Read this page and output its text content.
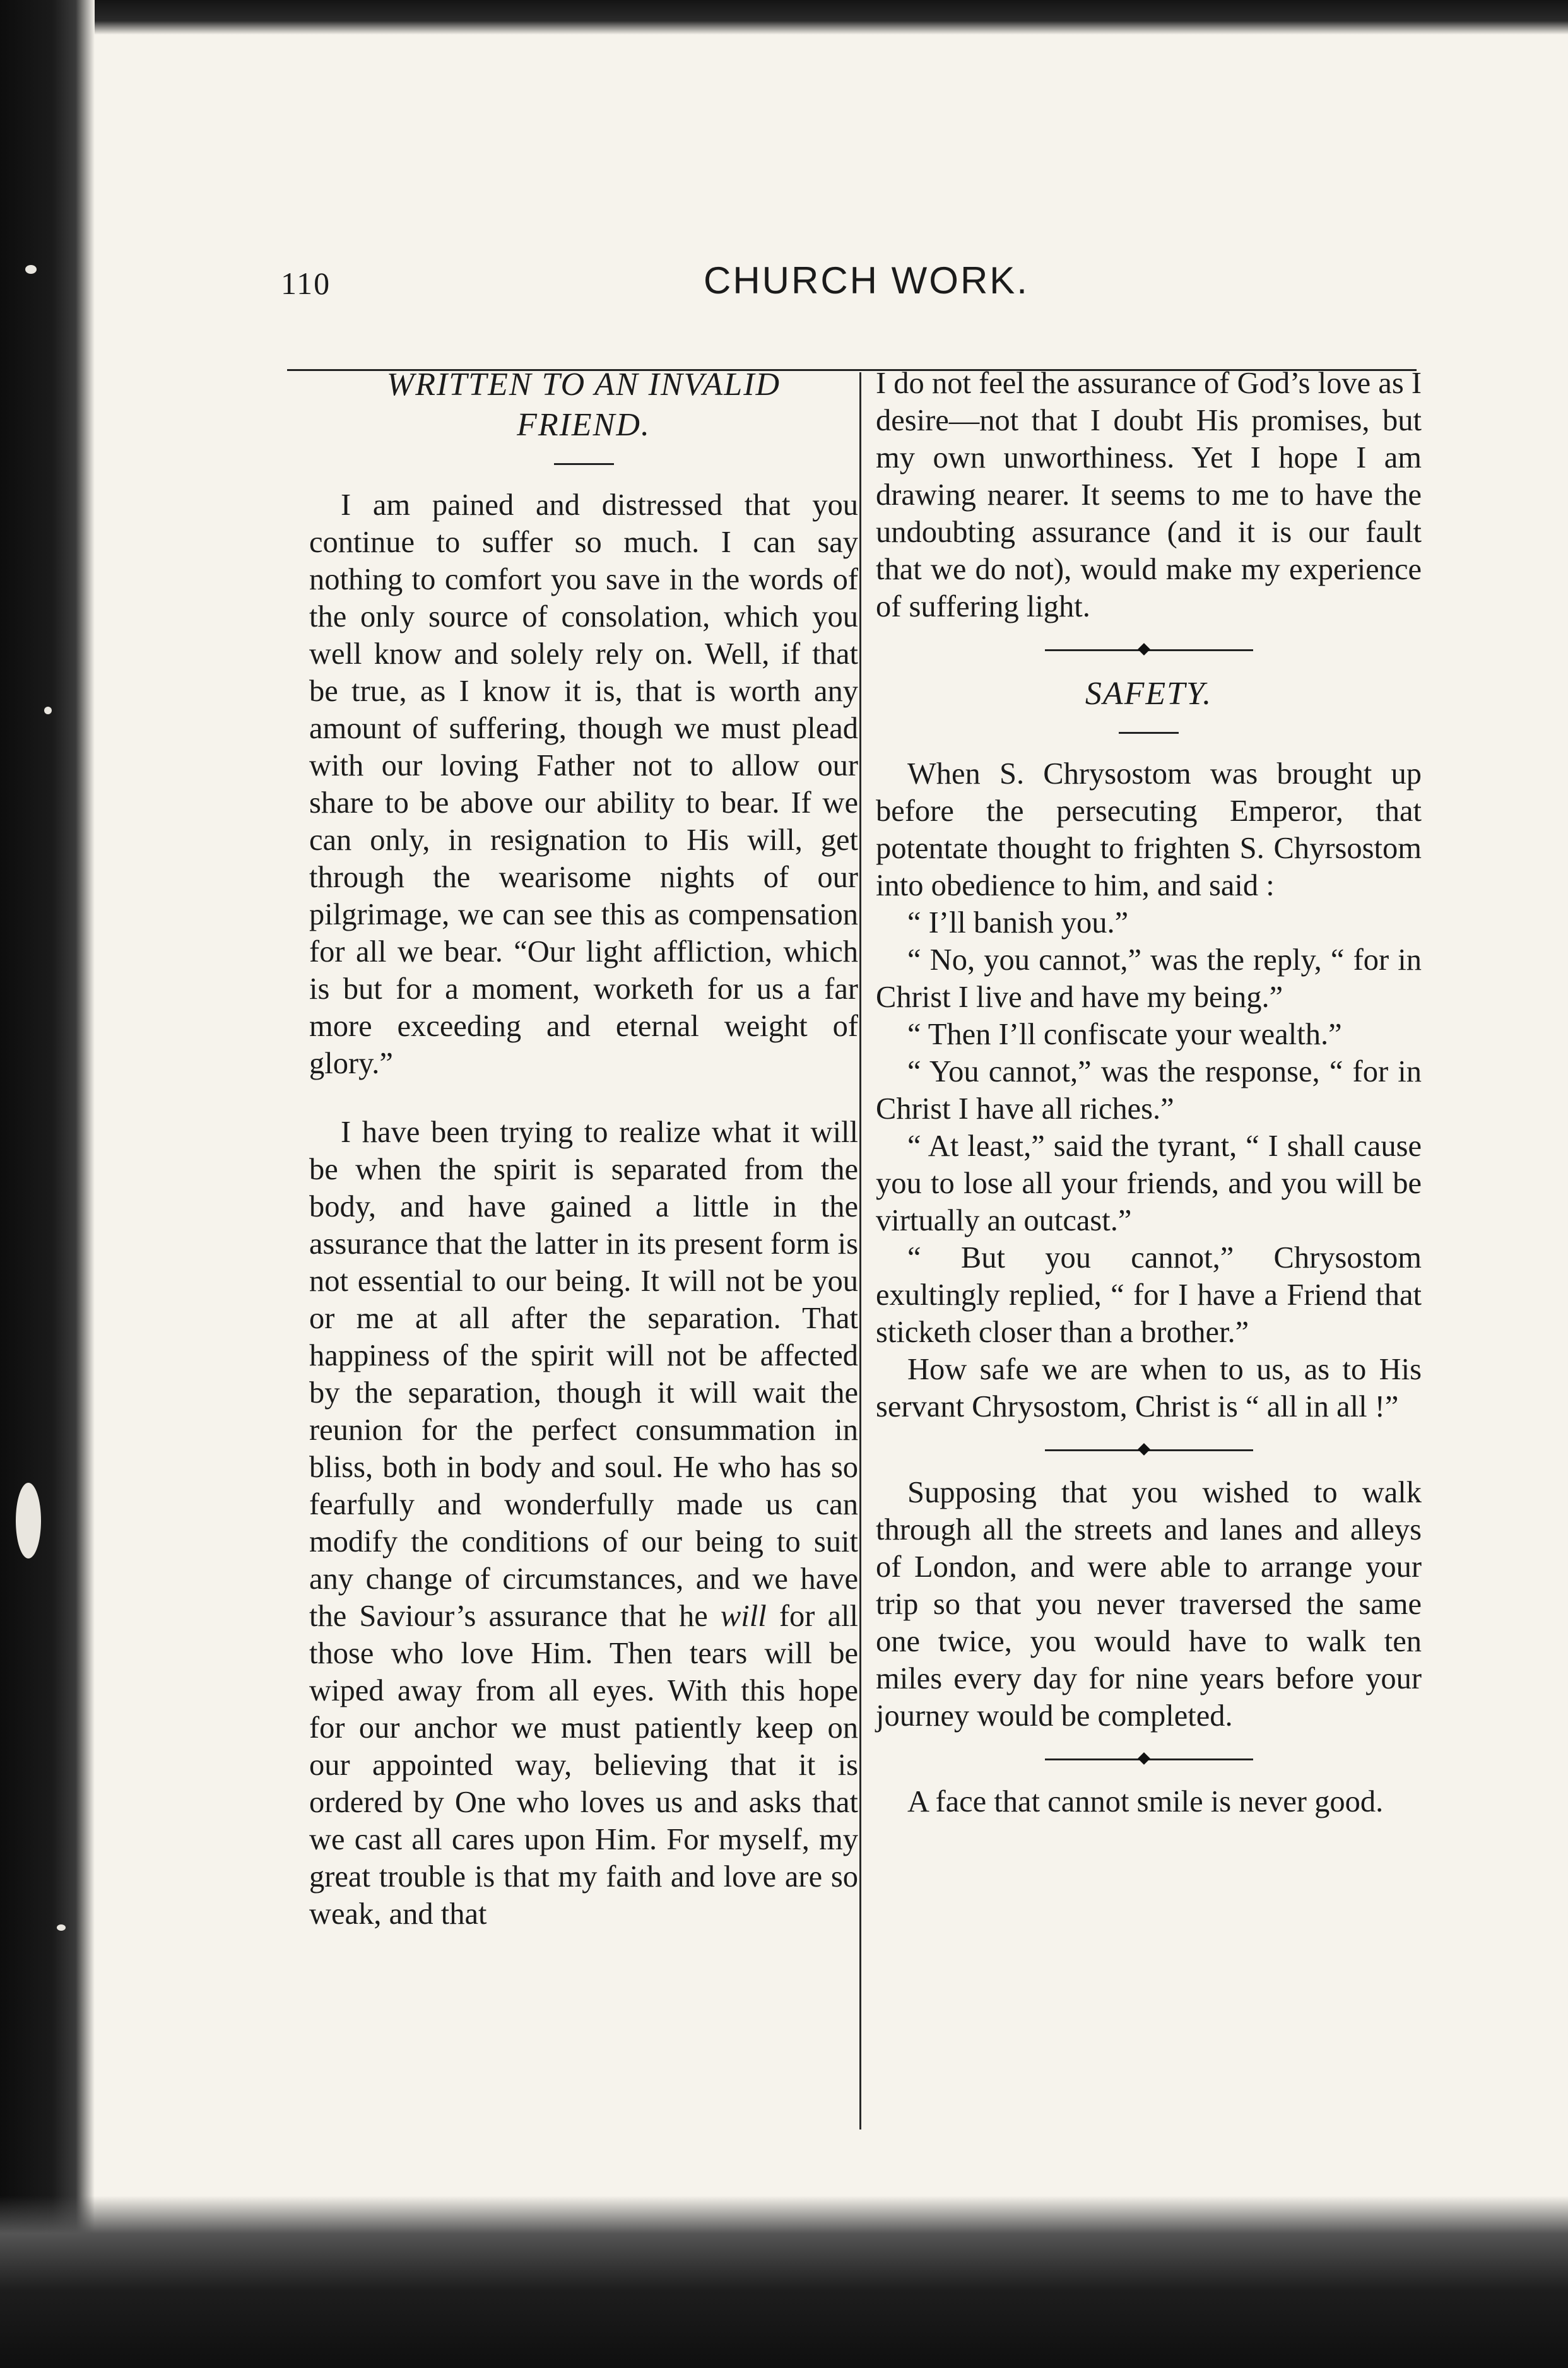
110	CHURCH WORK.
WRITTEN TO AN INVALID
FRIEND.

I am pained and distressed that you continue to suffer so much. I can say nothing to comfort you save in the words of the only source of consolation, which you well know and solely rely on. Well, if that be true, as I know it is, that is worth any amount of suffering, though we must plead with our loving Father not to allow our share to be above our ability to bear. If we can only, in resignation to His will, get through the wearisome nights of our pilgrimage, we can see this as compensation for all we bear. “Our light affliction, which is but for a moment, worketh for us a far more exceeding and eternal weight of glory.”

I have been trying to realize what it will be when the spirit is separated from the body, and have gained a little in the assurance that the latter in its present form is not essential to our being. It will not be you or me at all after the separation. That happiness of the spirit will not be affected by the separation, though it will wait the reunion for the perfect consummation in bliss, both in body and soul. He who has so fearfully and wonderfully made us can modify the conditions of our being to suit any change of circumstances, and we have the Saviour’s assurance that he will for all those who love Him. Then tears will be wiped away from all eyes. With this hope for our anchor we must patiently keep on our appointed way, believing that it is ordered by One who loves us and asks that we cast all cares upon Him. For myself, my great trouble is that my faith and love are so weak, and that

I do not feel the assurance of God’s love as I desire—not that I doubt His promises, but my own unworthiness. Yet I hope I am drawing nearer. It seems to me to have the undoubting assurance (and it is our fault that we do not), would make my experience of suffering light.

SAFETY.

When S. Chrysostom was brought up before the persecuting Emperor, that potentate thought to frighten S. Chyrsostom into obedience to him, and said :

“ I’ll banish you.”

“ No, you cannot,” was the reply, “ for in Christ I live and have my being.”

“ Then I’ll confiscate your wealth.”

“ You cannot,” was the response, “ for in Christ I have all riches.”

“ At least,” said the tyrant, “ I shall cause you to lose all your friends, and you will be virtually an outcast.”

“ But you cannot,” Chrysostom exultingly replied, “ for I have a Friend that sticketh closer than a brother.”

How safe we are when to us, as to His servant Chrysostom, Christ is “ all in all !”

Supposing that you wished to walk through all the streets and lanes and alleys of London, and were able to arrange your trip so that you never traversed the same one twice, you would have to walk ten miles every day for nine years before your journey would be completed.

A face that cannot smile is never good.
